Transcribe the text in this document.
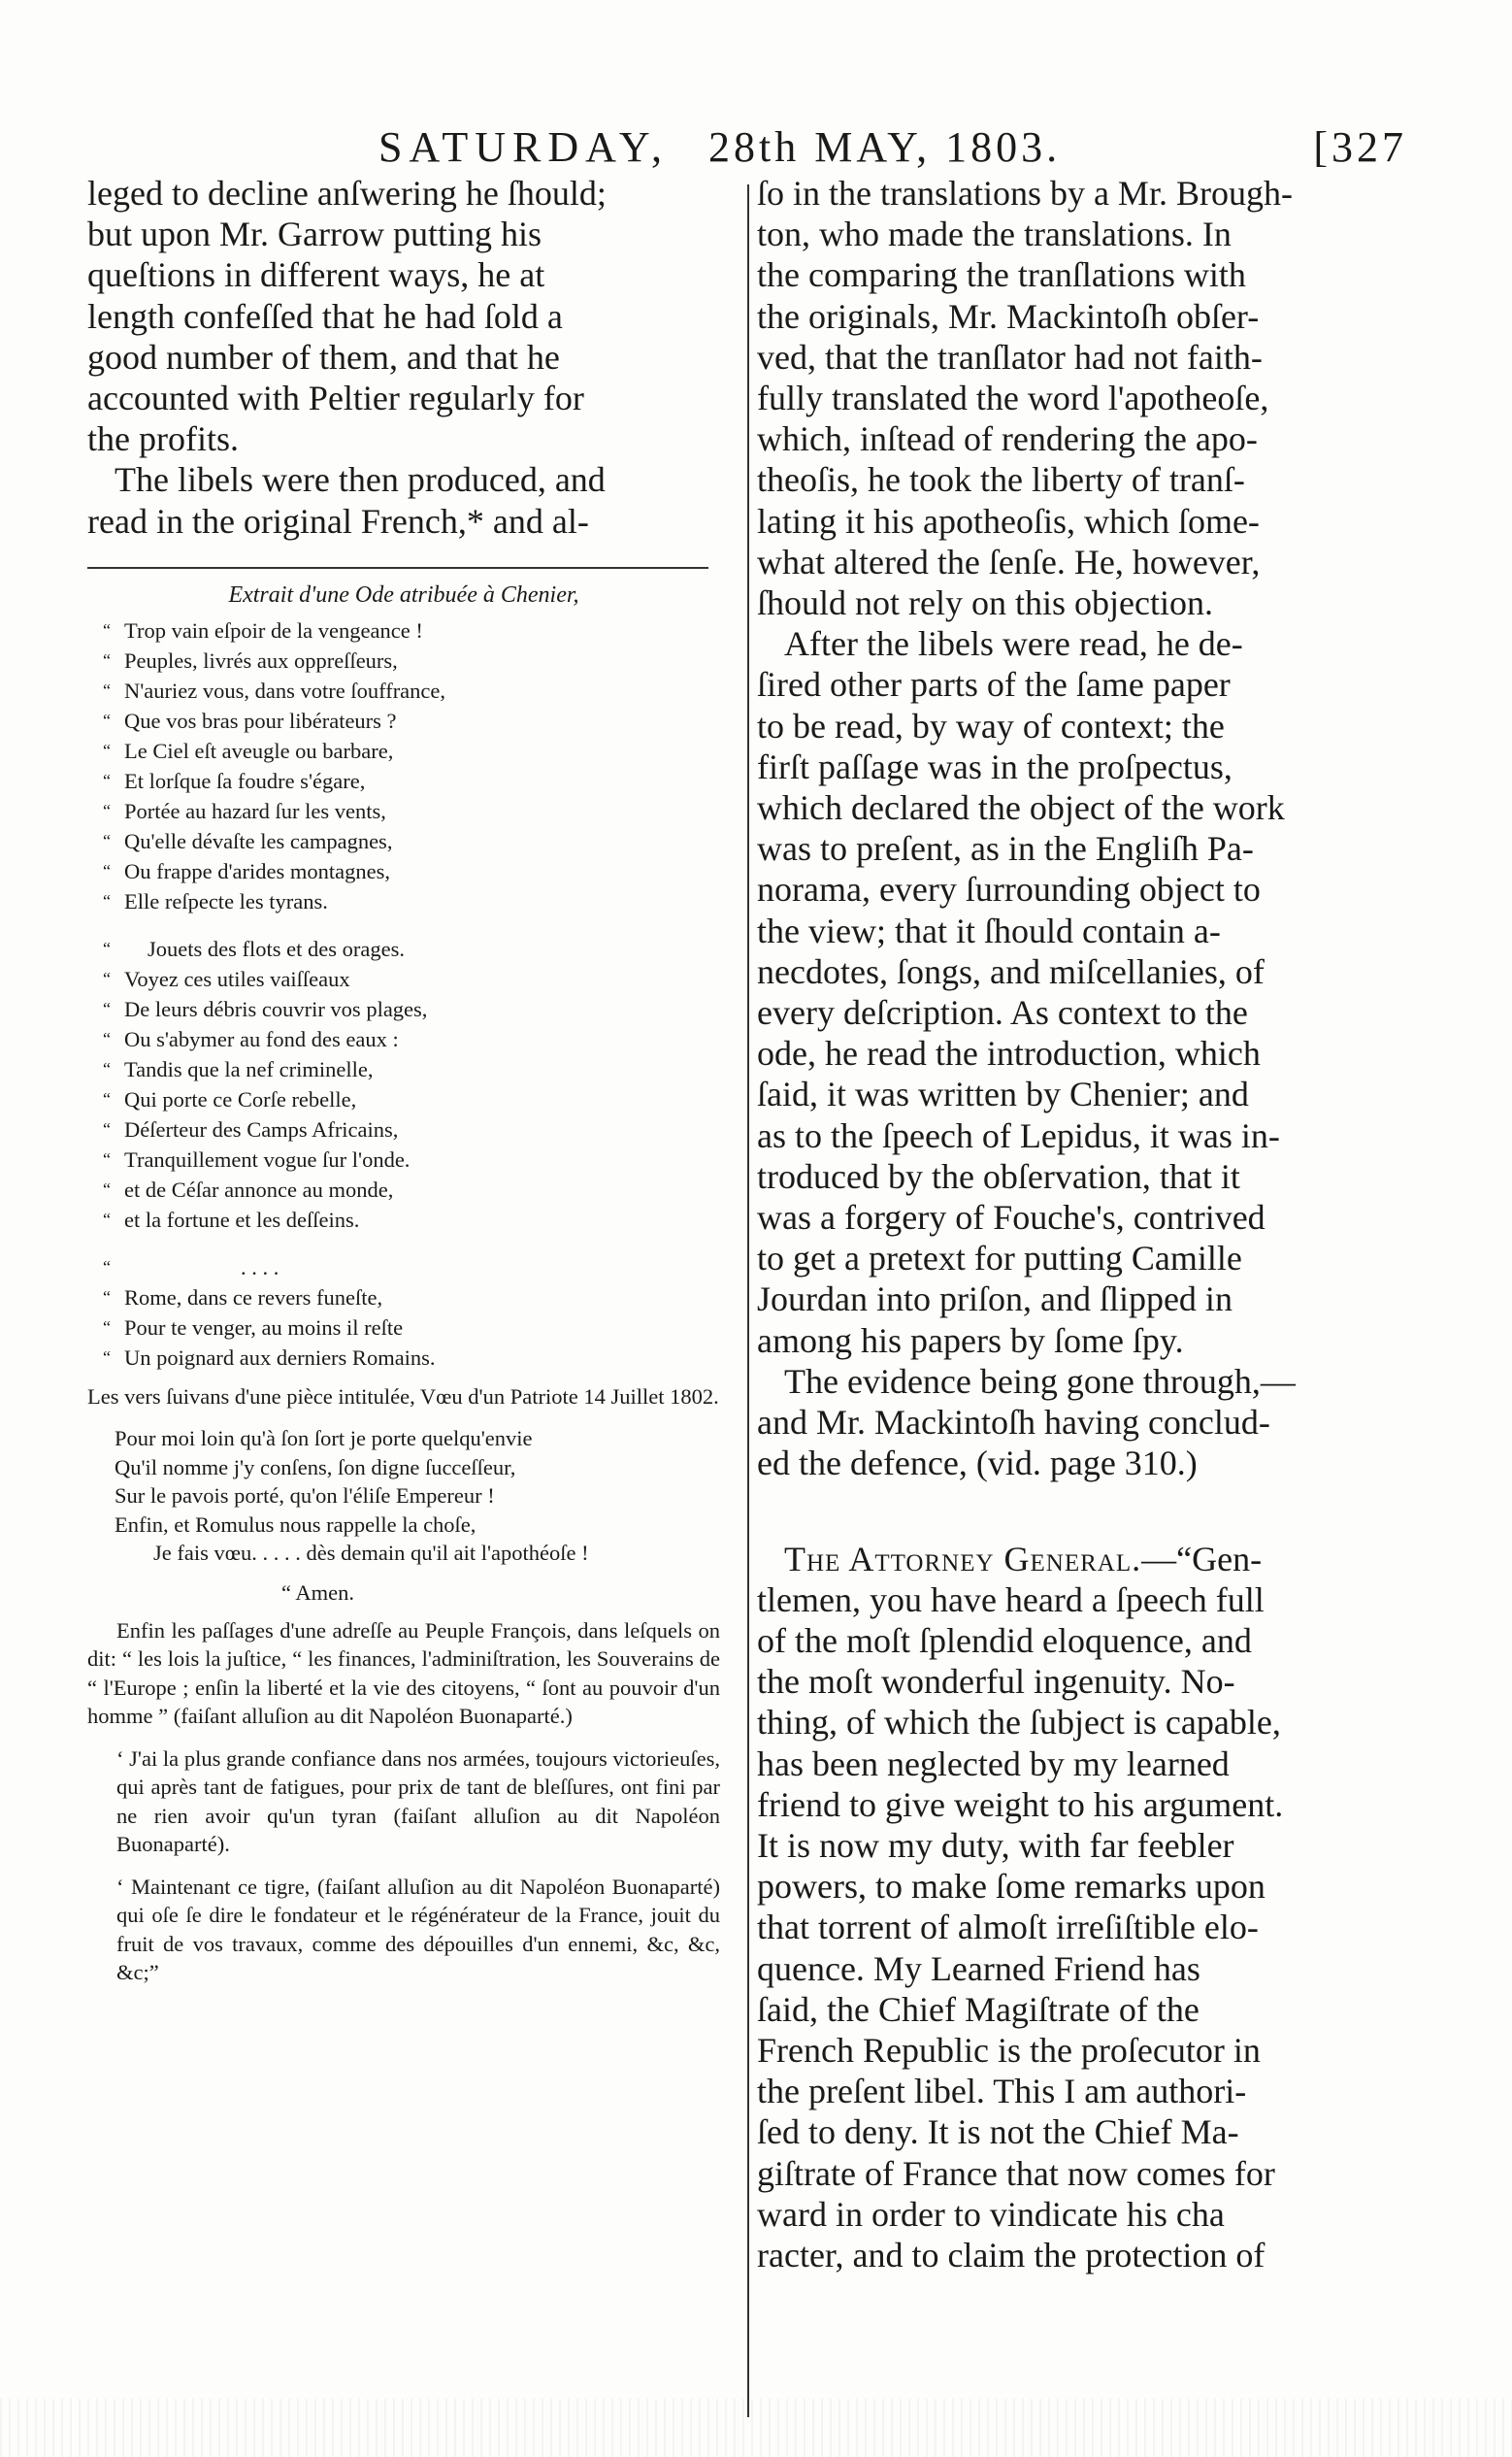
SATURDAY, 28th MAY, 1803.	[327

leged to decline anſwering he ſhould;

but upon Mr. Garrow putting his

queſtions in different ways, he at

length confeſſed that he had ſold a

good number of them, and that he

accounted with Peltier regularly for

the profits.

The libels were then produced, and

read in the original French,* and al-

Extrait d'une Ode atribuée à Chenier,
“ Trop vain eſpoir de la vengeance !
“ Peuples, livrés aux oppreſſeurs,
“ N'auriez vous, dans votre ſouffrance,
“ Que vos bras pour libérateurs ?
“ Le Ciel eſt aveugle ou barbare,
“ Et lorſque ſa foudre s'égare,
“ Portée au hazard ſur les vents,
“ Qu'elle dévaſte les campagnes,
“ Ou frappe d'arides montagnes,
“ Elle reſpecte les tyrans.
“ Jouets des flots et des orages.
“ Voyez ces utiles vaiſſeaux
“ De leurs débris couvrir vos plages,
“ Ou s'abymer au fond des eaux :
“ Tandis que la nef criminelle,
“ Qui porte ce Corſe rebelle,
“ Déſerteur des Camps Africains,
“ Tranquillement vogue ſur l'onde.
“ et de Céſar annonce au monde,
“ et la fortune et les deſſeins.
“ . . . .
“ Rome, dans ce revers funeſte,
“ Pour te venger, au moins il reſte
“ Un poignard aux derniers Romains.
Les vers ſuivans d'une pièce intitulée, Vœu d'un Patriote 14 Juillet 1802.
Pour moi loin qu'à ſon ſort je porte quelqu'envie
Qu'il nomme j'y conſens, ſon digne ſucceſſeur,
Sur le pavois porté, qu'on l'éliſe Empereur !
Enfin, et Romulus nous rappelle la choſe,
Je fais vœu. . . . . dès demain qu'il ait l'apothéoſe !
“ Amen.
Enfin les paſſages d'une adreſſe au Peuple François, dans leſquels on dit: “ les lois la juſtice, “ les finances, l'adminiſtration, les Souverains de “ l'Europe ; enſin la liberté et la vie des citoyens, “ ſont au pouvoir d'un homme ” (faiſant alluſion au dit Napoléon Buonaparté.)
‘ J'ai la plus grande confiance dans nos armées, toujours victorieuſes, qui après tant de fatigues, pour prix de tant de bleſſures, ont fini par ne rien avoir qu'un tyran (faiſant alluſion au dit Napoléon Buonaparté).
‘ Maintenant ce tigre, (faiſant alluſion au dit Napoléon Buonaparté) qui oſe ſe dire le fondateur et le régénérateur de la France, jouit du fruit de vos travaux, comme des dépouilles d'un ennemi, &c, &c, &c;”

ſo in the translations by a Mr. Brough-

ton, who made the translations. In

the comparing the tranſlations with

the originals, Mr. Mackintoſh obſer-

ved, that the tranſlator had not faith-

fully translated the word l'apotheoſe,

which, inſtead of rendering the apo-

theoſis, he took the liberty of tranſ-

lating it his apotheoſis, which ſome-

what altered the ſenſe. He, however,

ſhould not rely on this objection.

After the libels were read, he de-

ſired other parts of the ſame paper

to be read, by way of context; the

firſt paſſage was in the proſpectus,

which declared the object of the work

was to preſent, as in the Engliſh Pa-

norama, every ſurrounding object to

the view; that it ſhould contain a-

necdotes, ſongs, and miſcellanies, of

every deſcription. As context to the

ode, he read the introduction, which

ſaid, it was written by Chenier; and

as to the ſpeech of Lepidus, it was in-

troduced by the obſervation, that it

was a forgery of Fouche's, contrived

to get a pretext for putting Camille

Jourdan into priſon, and ſlipped in

among his papers by ſome ſpy.

The evidence being gone through,—

and Mr. Mackintoſh having conclud-

ed the defence, (vid. page 310.)

The Attorney General.—“Gen-

tlemen, you have heard a ſpeech full

of the moſt ſplendid eloquence, and

the moſt wonderful ingenuity. No-

thing, of which the ſubject is capable,

has been neglected by my learned

friend to give weight to his argument.

It is now my duty, with far feebler

powers, to make ſome remarks upon

that torrent of almoſt irreſiſtible elo-

quence. My Learned Friend has

ſaid, the Chief Magiſtrate of the

French Republic is the proſecutor in

the preſent libel. This I am authori-

ſed to deny. It is not the Chief Ma-

giſtrate of France that now comes for

ward in order to vindicate his cha

racter, and to claim the protection of
